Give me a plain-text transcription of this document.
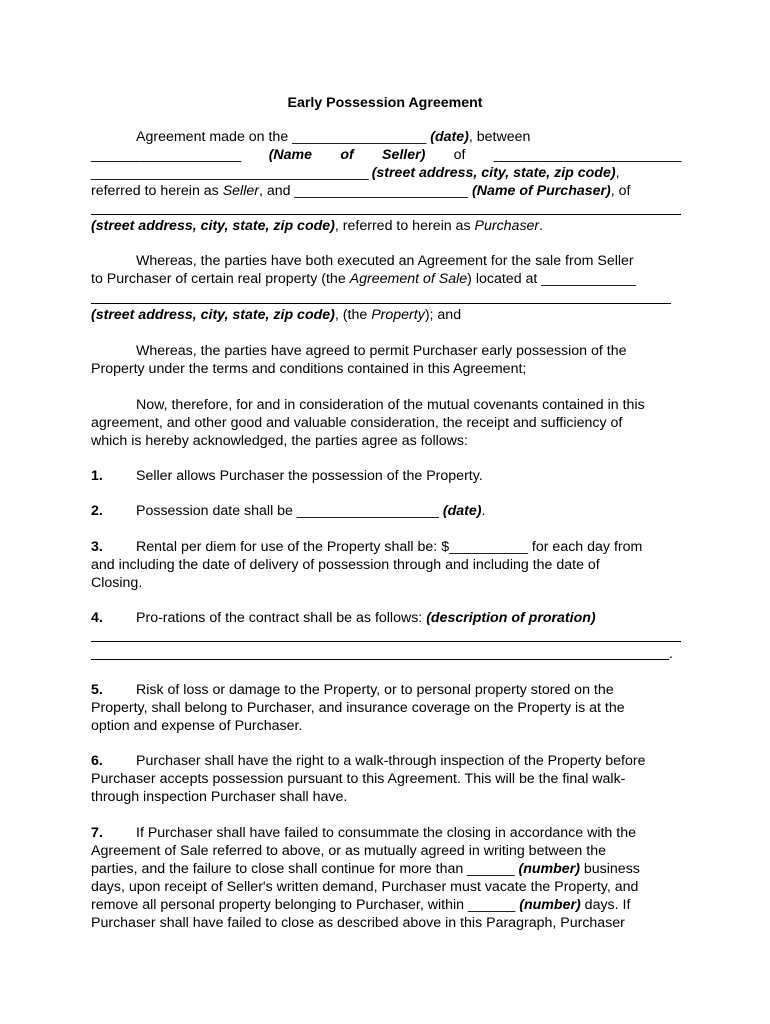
Early Possession Agreement
Agreement made on the _________________ (date), between
____________________ (Name of Seller) of _________________________
_____________________________________ (street address, city, state, zip code),
referred to herein as Seller, and ______________________ (Name of Purchaser), of
(street address, city, state, zip code), referred to herein as Purchaser.
Whereas, the parties have both executed an Agreement for the sale from Seller
to Purchaser of certain real property (the Agreement of Sale) located at ____________
(street address, city, state, zip code), (the Property); and
Whereas, the parties have agreed to permit Purchaser early possession of the
Property under the terms and conditions contained in this Agreement;
Now, therefore, for and in consideration of the mutual covenants contained in this
agreement, and other good and valuable consideration, the receipt and sufficiency of
which is hereby acknowledged, the parties agree as follows:
1. Seller allows Purchaser the possession of the Property.
2. Possession date shall be __________________ (date).
3. Rental per diem for use of the Property shall be: $__________ for each day from
and including the date of delivery of possession through and including the date of
Closing.
4. Pro-rations of the contract shall be as follows: (description of proration)
.
5. Risk of loss or damage to the Property, or to personal property stored on the
Property, shall belong to Purchaser, and insurance coverage on the Property is at the
option and expense of Purchaser.
6. Purchaser shall have the right to a walk-through inspection of the Property before
Purchaser accepts possession pursuant to this Agreement. This will be the final walk-
through inspection Purchaser shall have.
7. If Purchaser shall have failed to consummate the closing in accordance with the
Agreement of Sale referred to above, or as mutually agreed in writing between the
parties, and the failure to close shall continue for more than ______ (number) business
days, upon receipt of Seller's written demand, Purchaser must vacate the Property, and
remove all personal property belonging to Purchaser, within ______ (number) days. If
Purchaser shall have failed to close as described above in this Paragraph, Purchaser
